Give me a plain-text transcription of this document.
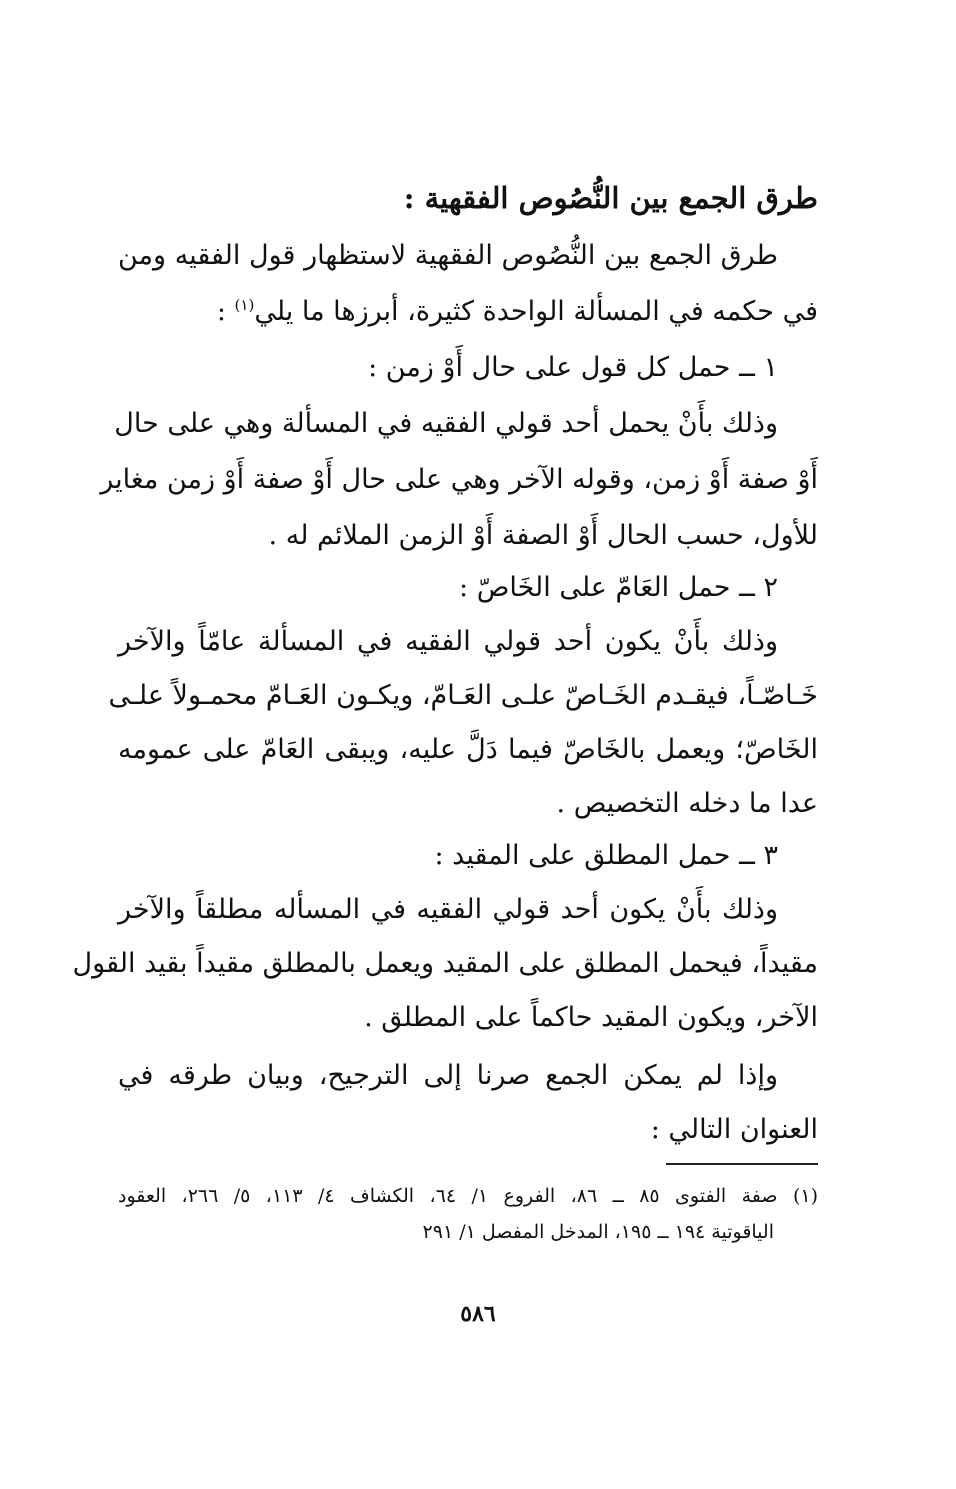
طرق الجمع بين النُّصُوص الفقهية :
طرق الجمع بين النُّصُوص الفقهية لاستظهار قول الفقيه ومن
في حكمه في المسألة الواحدة كثيرة، أبرزها ما يلي$^{(١)}$ :
١ ــ حمل كل قول على حال أَوْ زمن :
وذلك بأَنْ يحمل أحد قولي الفقيه في المسألة وهي على حال
أَوْ صفة أَوْ زمن، وقوله الآخر وهي على حال أَوْ صفة أَوْ زمن مغاير
للأول، حسب الحال أَوْ الصفة أَوْ الزمن الملائم له .
٢ ــ حمل العَامّ على الخَاصّ :
وذلك بأَنْ يكون أحد قولي الفقيه في المسألة عامّاً والآخر
خَـاصّـاً، فيقـدم الخَـاصّ علـى العَـامّ، ويكـون العَـامّ محمـولاً علـى
الخَاصّ؛ ويعمل بالخَاصّ فيما دَلَّ عليه، ويبقى العَامّ على عمومه
عدا ما دخله التخصيص .
٣ ــ حمل المطلق على المقيد :
وذلك بأَنْ يكون أحد قولي الفقيه في المسأله مطلقاً والآخر
مقيداً، فيحمل المطلق على المقيد ويعمل بالمطلق مقيداً بقيد القول
الآخر، ويكون المقيد حاكماً على المطلق .
وإذا لم يمكن الجمع صرنا إلى الترجيح، وبيان طرقه في
العنوان التالي :
(١) صفة الفتوى ٨٥ ــ ٨٦، الفروع ١/ ٦٤، الكشاف ٤/ ١١٣، ٥/ ٢٦٦، العقود
الياقوتية ١٩٤ ــ ١٩٥، المدخل المفصل ١/ ٢٩١
٥٨٦
